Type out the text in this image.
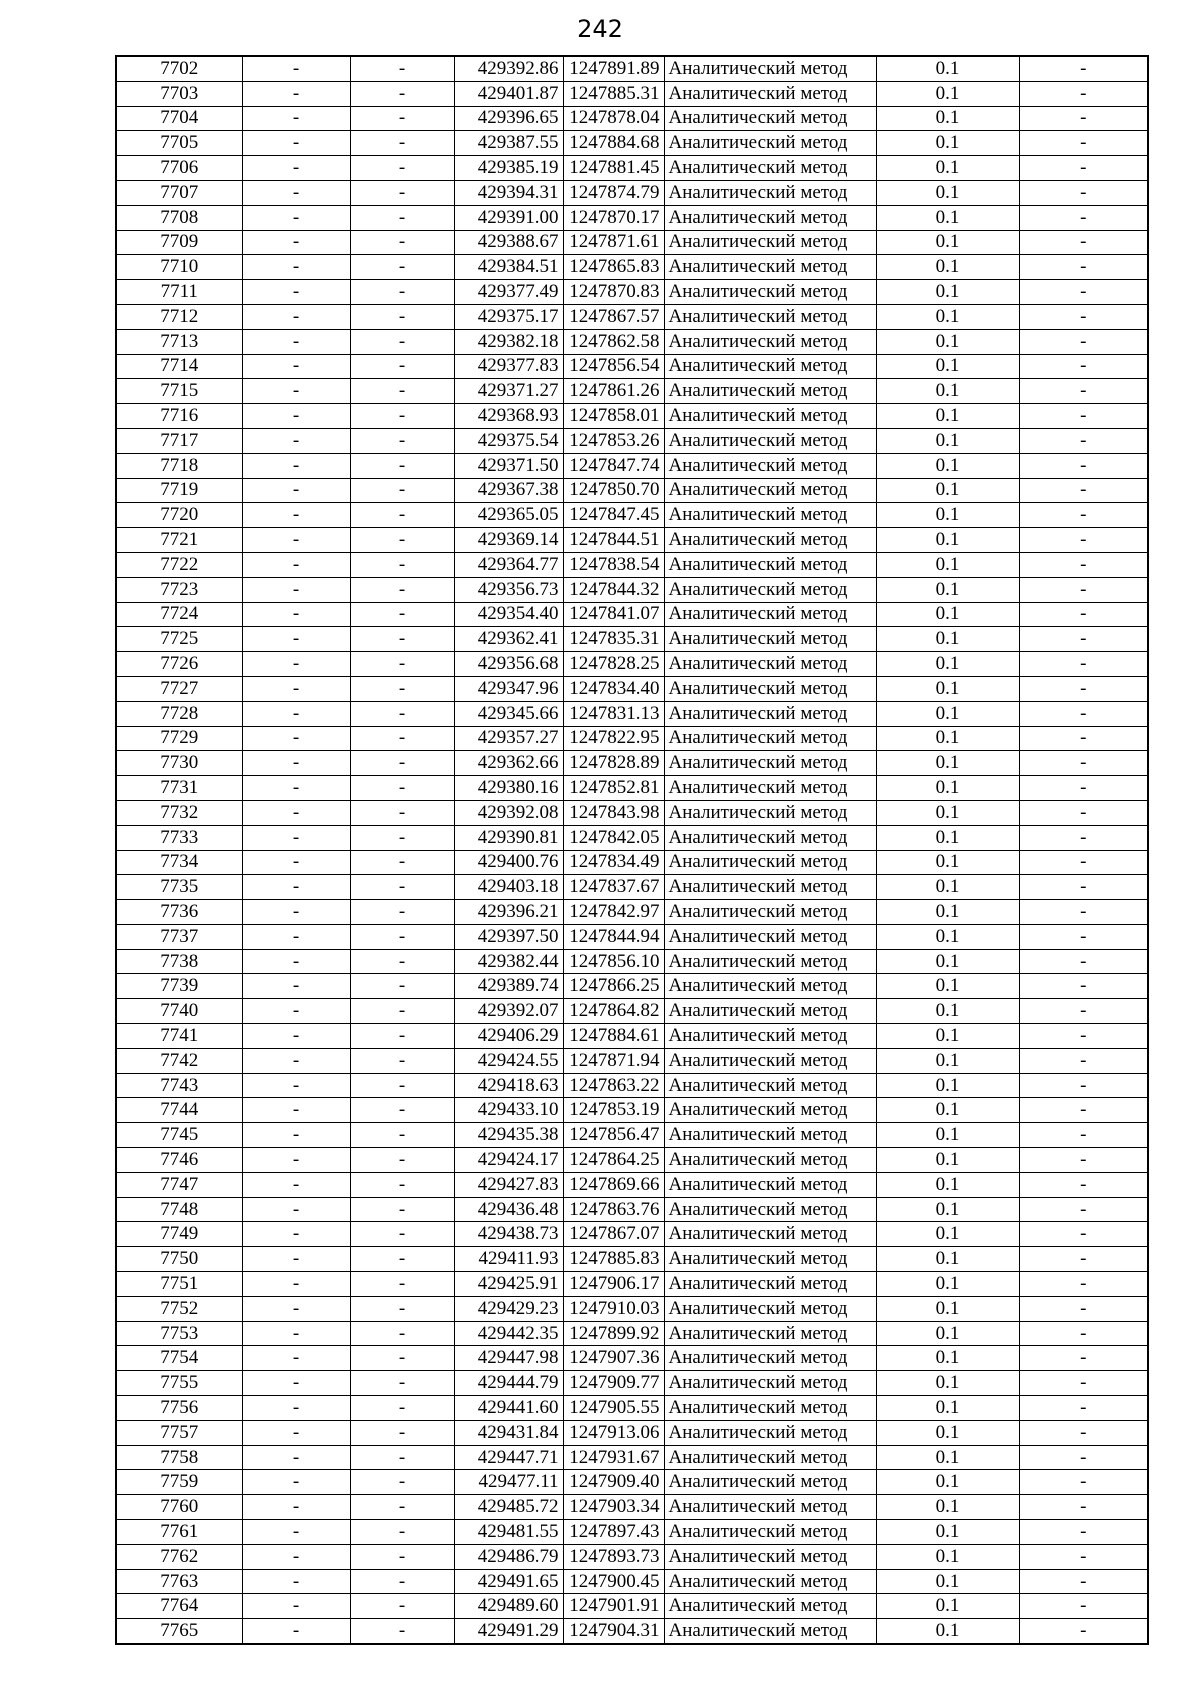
242
7702	-	-	429392.86	1247891.89	Аналитический метод	0.1	-
7703	-	-	429401.87	1247885.31	Аналитический метод	0.1	-
7704	-	-	429396.65	1247878.04	Аналитический метод	0.1	-
7705	-	-	429387.55	1247884.68	Аналитический метод	0.1	-
7706	-	-	429385.19	1247881.45	Аналитический метод	0.1	-
7707	-	-	429394.31	1247874.79	Аналитический метод	0.1	-
7708	-	-	429391.00	1247870.17	Аналитический метод	0.1	-
7709	-	-	429388.67	1247871.61	Аналитический метод	0.1	-
7710	-	-	429384.51	1247865.83	Аналитический метод	0.1	-
7711	-	-	429377.49	1247870.83	Аналитический метод	0.1	-
7712	-	-	429375.17	1247867.57	Аналитический метод	0.1	-
7713	-	-	429382.18	1247862.58	Аналитический метод	0.1	-
7714	-	-	429377.83	1247856.54	Аналитический метод	0.1	-
7715	-	-	429371.27	1247861.26	Аналитический метод	0.1	-
7716	-	-	429368.93	1247858.01	Аналитический метод	0.1	-
7717	-	-	429375.54	1247853.26	Аналитический метод	0.1	-
7718	-	-	429371.50	1247847.74	Аналитический метод	0.1	-
7719	-	-	429367.38	1247850.70	Аналитический метод	0.1	-
7720	-	-	429365.05	1247847.45	Аналитический метод	0.1	-
7721	-	-	429369.14	1247844.51	Аналитический метод	0.1	-
7722	-	-	429364.77	1247838.54	Аналитический метод	0.1	-
7723	-	-	429356.73	1247844.32	Аналитический метод	0.1	-
7724	-	-	429354.40	1247841.07	Аналитический метод	0.1	-
7725	-	-	429362.41	1247835.31	Аналитический метод	0.1	-
7726	-	-	429356.68	1247828.25	Аналитический метод	0.1	-
7727	-	-	429347.96	1247834.40	Аналитический метод	0.1	-
7728	-	-	429345.66	1247831.13	Аналитический метод	0.1	-
7729	-	-	429357.27	1247822.95	Аналитический метод	0.1	-
7730	-	-	429362.66	1247828.89	Аналитический метод	0.1	-
7731	-	-	429380.16	1247852.81	Аналитический метод	0.1	-
7732	-	-	429392.08	1247843.98	Аналитический метод	0.1	-
7733	-	-	429390.81	1247842.05	Аналитический метод	0.1	-
7734	-	-	429400.76	1247834.49	Аналитический метод	0.1	-
7735	-	-	429403.18	1247837.67	Аналитический метод	0.1	-
7736	-	-	429396.21	1247842.97	Аналитический метод	0.1	-
7737	-	-	429397.50	1247844.94	Аналитический метод	0.1	-
7738	-	-	429382.44	1247856.10	Аналитический метод	0.1	-
7739	-	-	429389.74	1247866.25	Аналитический метод	0.1	-
7740	-	-	429392.07	1247864.82	Аналитический метод	0.1	-
7741	-	-	429406.29	1247884.61	Аналитический метод	0.1	-
7742	-	-	429424.55	1247871.94	Аналитический метод	0.1	-
7743	-	-	429418.63	1247863.22	Аналитический метод	0.1	-
7744	-	-	429433.10	1247853.19	Аналитический метод	0.1	-
7745	-	-	429435.38	1247856.47	Аналитический метод	0.1	-
7746	-	-	429424.17	1247864.25	Аналитический метод	0.1	-
7747	-	-	429427.83	1247869.66	Аналитический метод	0.1	-
7748	-	-	429436.48	1247863.76	Аналитический метод	0.1	-
7749	-	-	429438.73	1247867.07	Аналитический метод	0.1	-
7750	-	-	429411.93	1247885.83	Аналитический метод	0.1	-
7751	-	-	429425.91	1247906.17	Аналитический метод	0.1	-
7752	-	-	429429.23	1247910.03	Аналитический метод	0.1	-
7753	-	-	429442.35	1247899.92	Аналитический метод	0.1	-
7754	-	-	429447.98	1247907.36	Аналитический метод	0.1	-
7755	-	-	429444.79	1247909.77	Аналитический метод	0.1	-
7756	-	-	429441.60	1247905.55	Аналитический метод	0.1	-
7757	-	-	429431.84	1247913.06	Аналитический метод	0.1	-
7758	-	-	429447.71	1247931.67	Аналитический метод	0.1	-
7759	-	-	429477.11	1247909.40	Аналитический метод	0.1	-
7760	-	-	429485.72	1247903.34	Аналитический метод	0.1	-
7761	-	-	429481.55	1247897.43	Аналитический метод	0.1	-
7762	-	-	429486.79	1247893.73	Аналитический метод	0.1	-
7763	-	-	429491.65	1247900.45	Аналитический метод	0.1	-
7764	-	-	429489.60	1247901.91	Аналитический метод	0.1	-
7765	-	-	429491.29	1247904.31	Аналитический метод	0.1	-
